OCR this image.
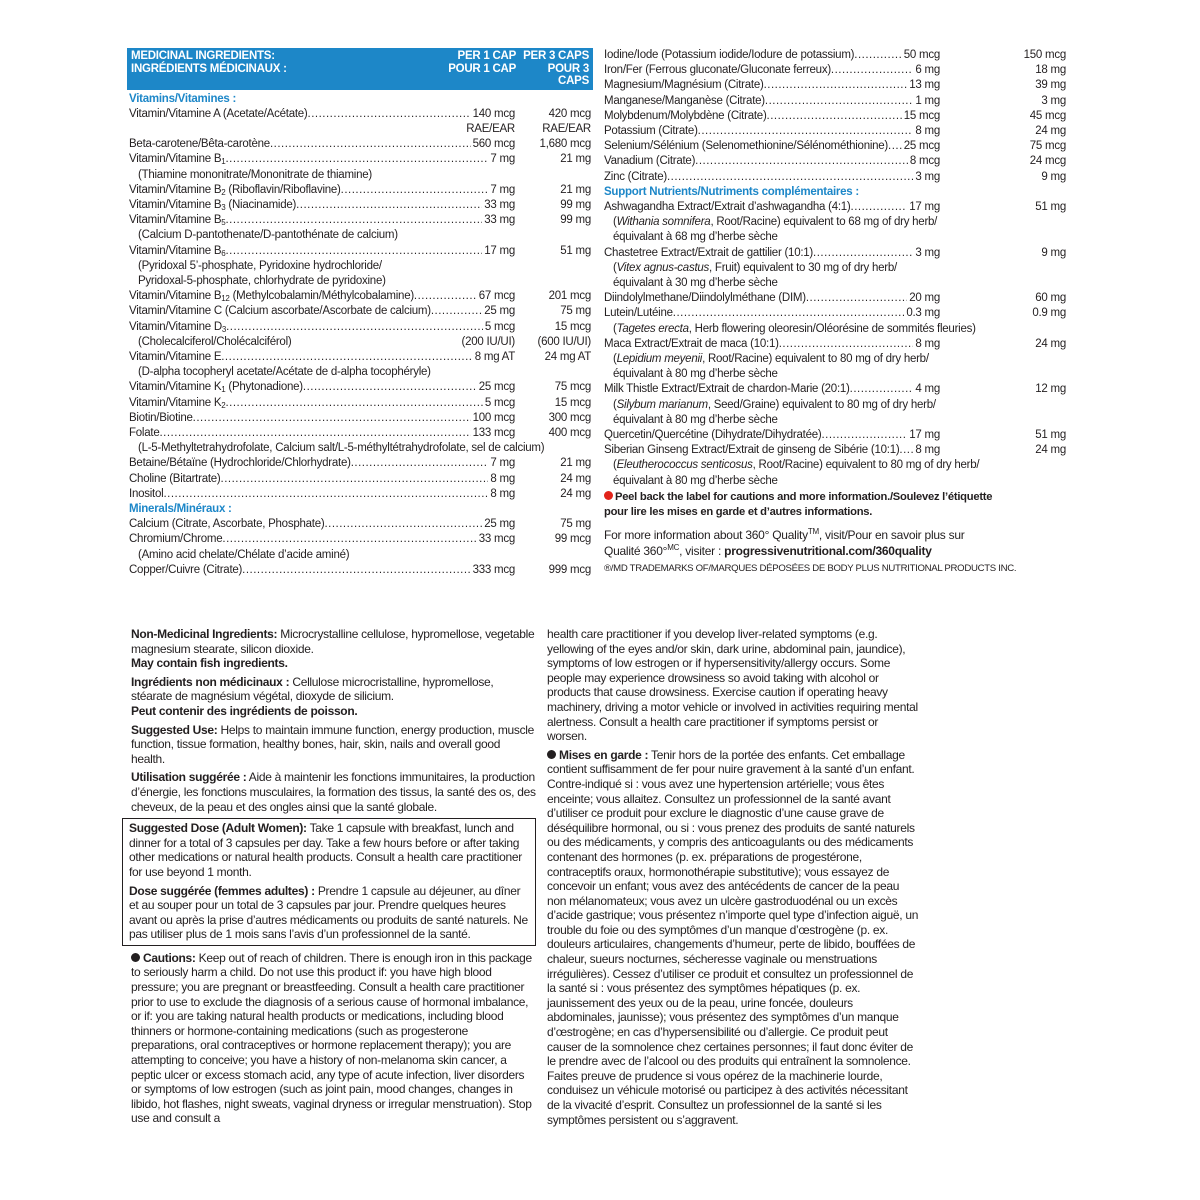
MEDICINAL INGREDIENTS:
INGRÉDIENTS MÉDICINAUX :
PER 1 CAP
POUR 1 CAP
PER 3 CAPS
POUR 3 CAPS
Vitamins/Vitamines :
Vitamin/Vitamine A (Acetate/Acétate) .....	140 mcg	420 mcg
RAE/EAR	RAE/EAR
Beta-carotene/Bêta-carotène .....	560 mcg	1,680 mcg
Vitamin/Vitamine B1 .....	7 mg	21 mg
(Thiamine mononitrate/Mononitrate de thiamine)
Vitamin/Vitamine B2 (Riboflavin/Riboflavine) .....	7 mg	21 mg
Vitamin/Vitamine B3 (Niacinamide) .....	33 mg	99 mg
Vitamin/Vitamine B5 .....	33 mg	99 mg
(Calcium D-pantothenate/D-pantothénate de calcium)
Vitamin/Vitamine B6 .....	17 mg	51 mg
(Pyridoxal 5’-phosphate, Pyridoxine hydrochloride/
Pyridoxal-5-phosphate, chlorhydrate de pyridoxine)
Vitamin/Vitamine B12 (Methylcobalamin/Méthylcobalamine) .....	67 mcg	201 mcg
Vitamin/Vitamine C (Calcium ascorbate/Ascorbate de calcium) .....	25 mg	75 mg
Vitamin/Vitamine D3 .....	5 mcg	15 mcg
(Cholecalciferol/Cholécalciférol)	(200 IU/UI)	(600 IU/UI)
Vitamin/Vitamine E .....	8 mg AT	24 mg AT
(D-alpha tocopheryl acetate/Acétate de d-alpha tocophéryle)
Vitamin/Vitamine K1 (Phytonadione) .....	25 mcg	75 mcg
Vitamin/Vitamine K2 .....	5 mcg	15 mcg
Biotin/Biotine .....	100 mcg	300 mcg
Folate .....	133 mcg	400 mcg
(L-5-Methyltetrahydrofolate, Calcium salt/L-5-méthyltétrahydrofolate, sel de calcium)
Betaine/Bétaïne (Hydrochloride/Chlorhydrate) .....	7 mg	21 mg
Choline (Bitartrate) .....	8 mg	24 mg
Inositol .....	8 mg	24 mg
Minerals/Minéraux :
Calcium (Citrate, Ascorbate, Phosphate) .....	25 mg	75 mg
Chromium/Chrome .....	33 mcg	99 mcg
(Amino acid chelate/Chélate d’acide aminé)
Copper/Cuivre (Citrate) .....	333 mcg	999 mcg
Iodine/Iode (Potassium iodide/Iodure de potassium) .....	50 mcg	150 mcg
Iron/Fer (Ferrous gluconate/Gluconate ferreux) .....	6 mg	18 mg
Magnesium/Magnésium (Citrate) .....	13 mg	39 mg
Manganese/Manganèse (Citrate) .....	1 mg	3 mg
Molybdenum/Molybdène (Citrate) .....	15 mcg	45 mcg
Potassium (Citrate) .....	8 mg	24 mg
Selenium/Sélénium (Selenomethionine/Sélénométhionine) ..... 25 mcg	75 mcg
Vanadium (Citrate) .....	8 mcg	24 mcg
Zinc (Citrate) .....	3 mg	9 mg
Support Nutrients/Nutriments complémentaires :
Ashwagandha Extract/Extrait d’ashwagandha (4:1) .....	17 mg	51 mg
(Withania somnifera, Root/Racine) equivalent to 68 mg of dry herb/
équivalant à 68 mg d’herbe sèche
Chastetree Extract/Extrait de gattilier (10:1) .....	3 mg	9 mg
(Vitex agnus-castus, Fruit) equivalent to 30 mg of dry herb/
équivalant à 30 mg d’herbe sèche
Diindolylmethane/Diindolylméthane (DIM) .....	20 mg	60 mg
Lutein/Lutéine .....	0.3 mg	0.9 mg
(Tagetes erecta, Herb flowering oleoresin/Oléorésine de sommités fleuries)
Maca Extract/Extrait de maca (10:1) .....	8 mg	24 mg
(Lepidium meyenii, Root/Racine) equivalent to 80 mg of dry herb/
équivalant à 80 mg d’herbe sèche
Milk Thistle Extract/Extrait de chardon-Marie (20:1) .....	4 mg	12 mg
(Silybum marianum, Seed/Graine) equivalent to 80 mg of dry herb/
équivalant à 80 mg d’herbe sèche
Quercetin/Quercétine (Dihydrate/Dihydratée) .....	17 mg	51 mg
Siberian Ginseng Extract/Extrait de ginseng de Sibérie (10:1) ..... 8 mg	24 mg
(Eleutherococcus senticosus, Root/Racine) equivalent to 80 mg of dry herb/
équivalant à 80 mg d’herbe sèche
Peel back the label for cautions and more information./Soulevez l’étiquette
pour lire les mises en garde et d’autres informations.
For more information about 360° Quality™, visit/Pour en savoir plus sur
Qualité 360°$^{MC}$, visiter : progressivenutritional.com/360quality
®/MD TRADEMARKS OF/MARQUES DÉPOSÉES DE BODY PLUS NUTRITIONAL PRODUCTS INC.

Non-Medicinal Ingredients: Microcrystalline cellulose, hypromellose, vegetable magnesium stearate, silicon dioxide.
May contain fish ingredients.

Ingrédients non médicinaux : Cellulose microcristalline, hypromellose, stéarate de magnésium végétal, dioxyde de silicium.
Peut contenir des ingrédients de poisson.

Suggested Use: Helps to maintain immune function, energy production, muscle function, tissue formation, healthy bones, hair, skin, nails and overall good health.

Utilisation suggérée : Aide à maintenir les fonctions immunitaires, la production d’énergie, les fonctions musculaires, la formation des tissus, la santé des os, des cheveux, de la peau et des ongles ainsi que la santé globale.

Suggested Dose (Adult Women): Take 1 capsule with breakfast, lunch and dinner for a total of 3 capsules per day. Take a few hours before or after taking other medications or natural health products. Consult a health care practitioner for use beyond 1 month.

Dose suggérée (femmes adultes) : Prendre 1 capsule au déjeuner, au dîner et au souper pour un total de 3 capsules par jour. Prendre quelques heures avant ou après la prise d’autres médicaments ou produits de santé naturels. Ne pas utiliser plus de 1 mois sans l’avis d’un professionnel de la santé.

Cautions: Keep out of reach of children. There is enough iron in this package to seriously harm a child. Do not use this product if: you have high blood pressure; you are pregnant or breastfeeding. Consult a health care practitioner prior to use to exclude the diagnosis of a serious cause of hormonal imbalance, or if: you are taking natural health products or medications, including blood thinners or hormone-containing medications (such as progesterone preparations, oral contraceptives or hormone replacement therapy); you are attempting to conceive; you have a history of non-melanoma skin cancer, a peptic ulcer or excess stomach acid, any type of acute infection, liver disorders or symptoms of low estrogen (such as joint pain, mood changes, changes in libido, hot flashes, night sweats, vaginal dryness or irregular menstruation). Stop use and consult a

health care practitioner if you develop liver-related symptoms (e.g. yellowing of the eyes and/or skin, dark urine, abdominal pain, jaundice), symptoms of low estrogen or if hypersensitivity/allergy occurs. Some people may experience drowsiness so avoid taking with alcohol or products that cause drowsiness. Exercise caution if operating heavy machinery, driving a motor vehicle or involved in activities requiring mental alertness. Consult a health care practitioner if symptoms persist or worsen.

Mises en garde : Tenir hors de la portée des enfants. Cet emballage contient suffisamment de fer pour nuire gravement à la santé d’un enfant. Contre-indiqué si : vous avez une hypertension artérielle; vous êtes enceinte; vous allaitez. Consultez un professionnel de la santé avant d’utiliser ce produit pour exclure le diagnostic d’une cause grave de déséquilibre hormonal, ou si : vous prenez des produits de santé naturels ou des médicaments, y compris des anticoagulants ou des médicaments contenant des hormones (p. ex. préparations de progestérone, contraceptifs oraux, hormonothérapie substitutive); vous essayez de concevoir un enfant; vous avez des antécédents de cancer de la peau non mélanomateux; vous avez un ulcère gastroduodénal ou un excès d’acide gastrique; vous présentez n’importe quel type d’infection aiguë, un trouble du foie ou des symptômes d’un manque d’œstrogène (p. ex. douleurs articulaires, changements d’humeur, perte de libido, bouffées de chaleur, sueurs nocturnes, sécheresse vaginale ou menstruations irrégulières). Cessez d’utiliser ce produit et consultez un professionnel de la santé si : vous présentez des symptômes hépatiques (p. ex. jaunissement des yeux ou de la peau, urine foncée, douleurs abdominales, jaunisse); vous présentez des symptômes d’un manque d’œstrogène; en cas d’hypersensibilité ou d’allergie. Ce produit peut causer de la somnolence chez certaines personnes; il faut donc éviter de le prendre avec de l’alcool ou des produits qui entraînent la somnolence. Faites preuve de prudence si vous opérez de la machinerie lourde, conduisez un véhicule motorisé ou participez à des activités nécessitant de la vivacité d’esprit. Consultez un professionnel de la santé si les symptômes persistent ou s’aggravent.
